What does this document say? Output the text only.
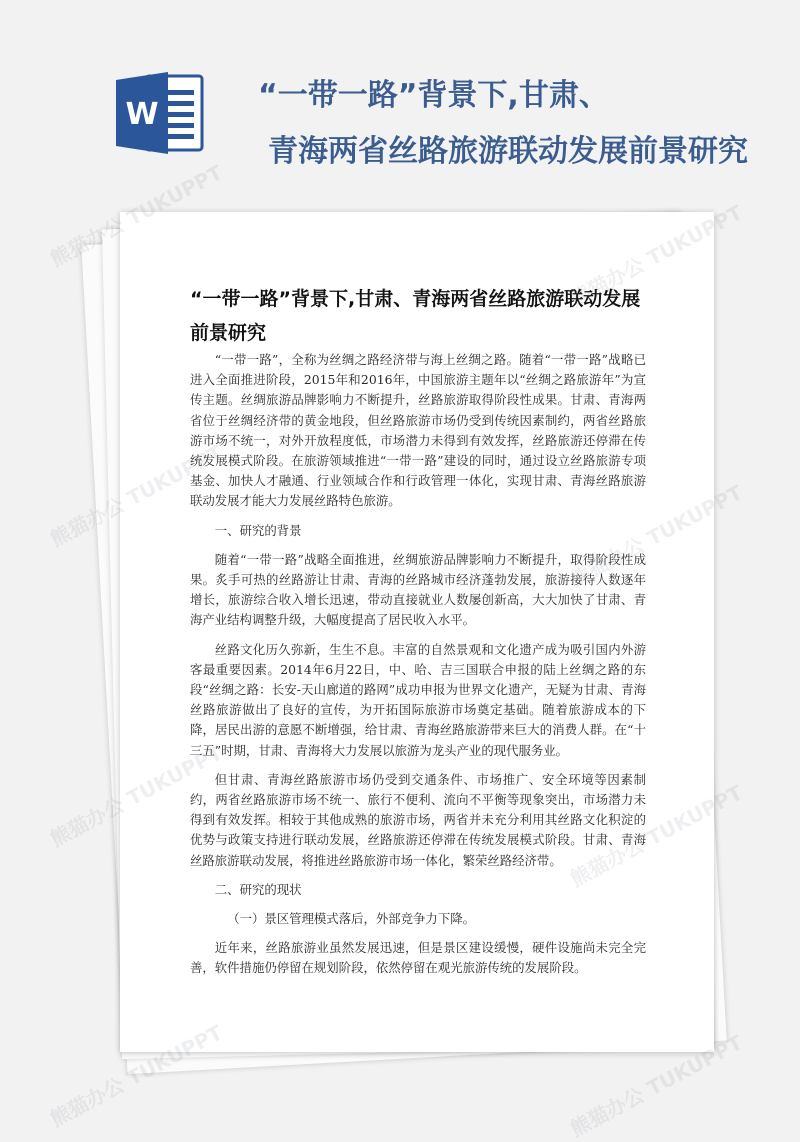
W
“一带一路”背景下,甘肃、
青海两省丝路旅游联动发展前景研究
“一带一路”背景下,甘肃、青海两省丝路旅游联动发展前景研究

“一带一路”，全称为丝绸之路经济带与海上丝绸之路。随着“一带一路”战略已进入全面推进阶段，2015年和2016年，中国旅游主题年以“丝绸之路旅游年”为宣传主题。丝绸旅游品牌影响力不断提升，丝路旅游取得阶段性成果。甘肃、青海两省位于丝绸经济带的黄金地段，但丝路旅游市场仍受到传统因素制约，两省丝路旅游市场不统一，对外开放程度低，市场潜力未得到有效发挥，丝路旅游还停滞在传统发展模式阶段。在旅游领域推进“一带一路”建设的同时，通过设立丝路旅游专项基金、加快人才融通、行业领域合作和行政管理一体化，实现甘肃、青海丝路旅游联动发展才能大力发展丝路特色旅游。

一、研究的背景

随着“一带一路”战略全面推进，丝绸旅游品牌影响力不断提升，取得阶段性成果。炙手可热的丝路游让甘肃、青海的丝路城市经济蓬勃发展，旅游接待人数逐年增长，旅游综合收入增长迅速，带动直接就业人数屡创新高，大大加快了甘肃、青海产业结构调整升级，大幅度提高了居民收入水平。

丝路文化历久弥新，生生不息。丰富的自然景观和文化遗产成为吸引国内外游客最重要因素。2014年6月22日，中、哈、吉三国联合申报的陆上丝绸之路的东段“丝绸之路：长安-天山廊道的路网”成功申报为世界文化遗产，无疑为甘肃、青海丝路旅游做出了良好的宣传，为开拓国际旅游市场奠定基础。随着旅游成本的下降，居民出游的意愿不断增强，给甘肃、青海丝路旅游带来巨大的消费人群。在“十三五”时期，甘肃、青海将大力发展以旅游为龙头产业的现代服务业。

但甘肃、青海丝路旅游市场仍受到交通条件、市场推广、安全环境等因素制约，两省丝路旅游市场不统一、旅行不便利、流向不平衡等现象突出，市场潜力未得到有效发挥。相较于其他成熟的旅游市场，两省并未充分利用其丝路文化积淀的优势与政策支持进行联动发展，丝路旅游还停滞在传统发展模式阶段。甘肃、青海丝路旅游联动发展，将推进丝路旅游市场一体化，繁荣丝路经济带。

二、研究的现状
（一）景区管理模式落后，外部竞争力下降。

近年来，丝路旅游业虽然发展迅速，但是景区建设缓慢，硬件设施尚未完全完善，软件措施仍停留在规划阶段，依然停留在观光旅游传统的发展阶段。

熊猫办公 TUKUPPT
熊猫办公
熊猫办公
熊猫办公 TUKUPPT	熊猫办公 TUKUPPT
